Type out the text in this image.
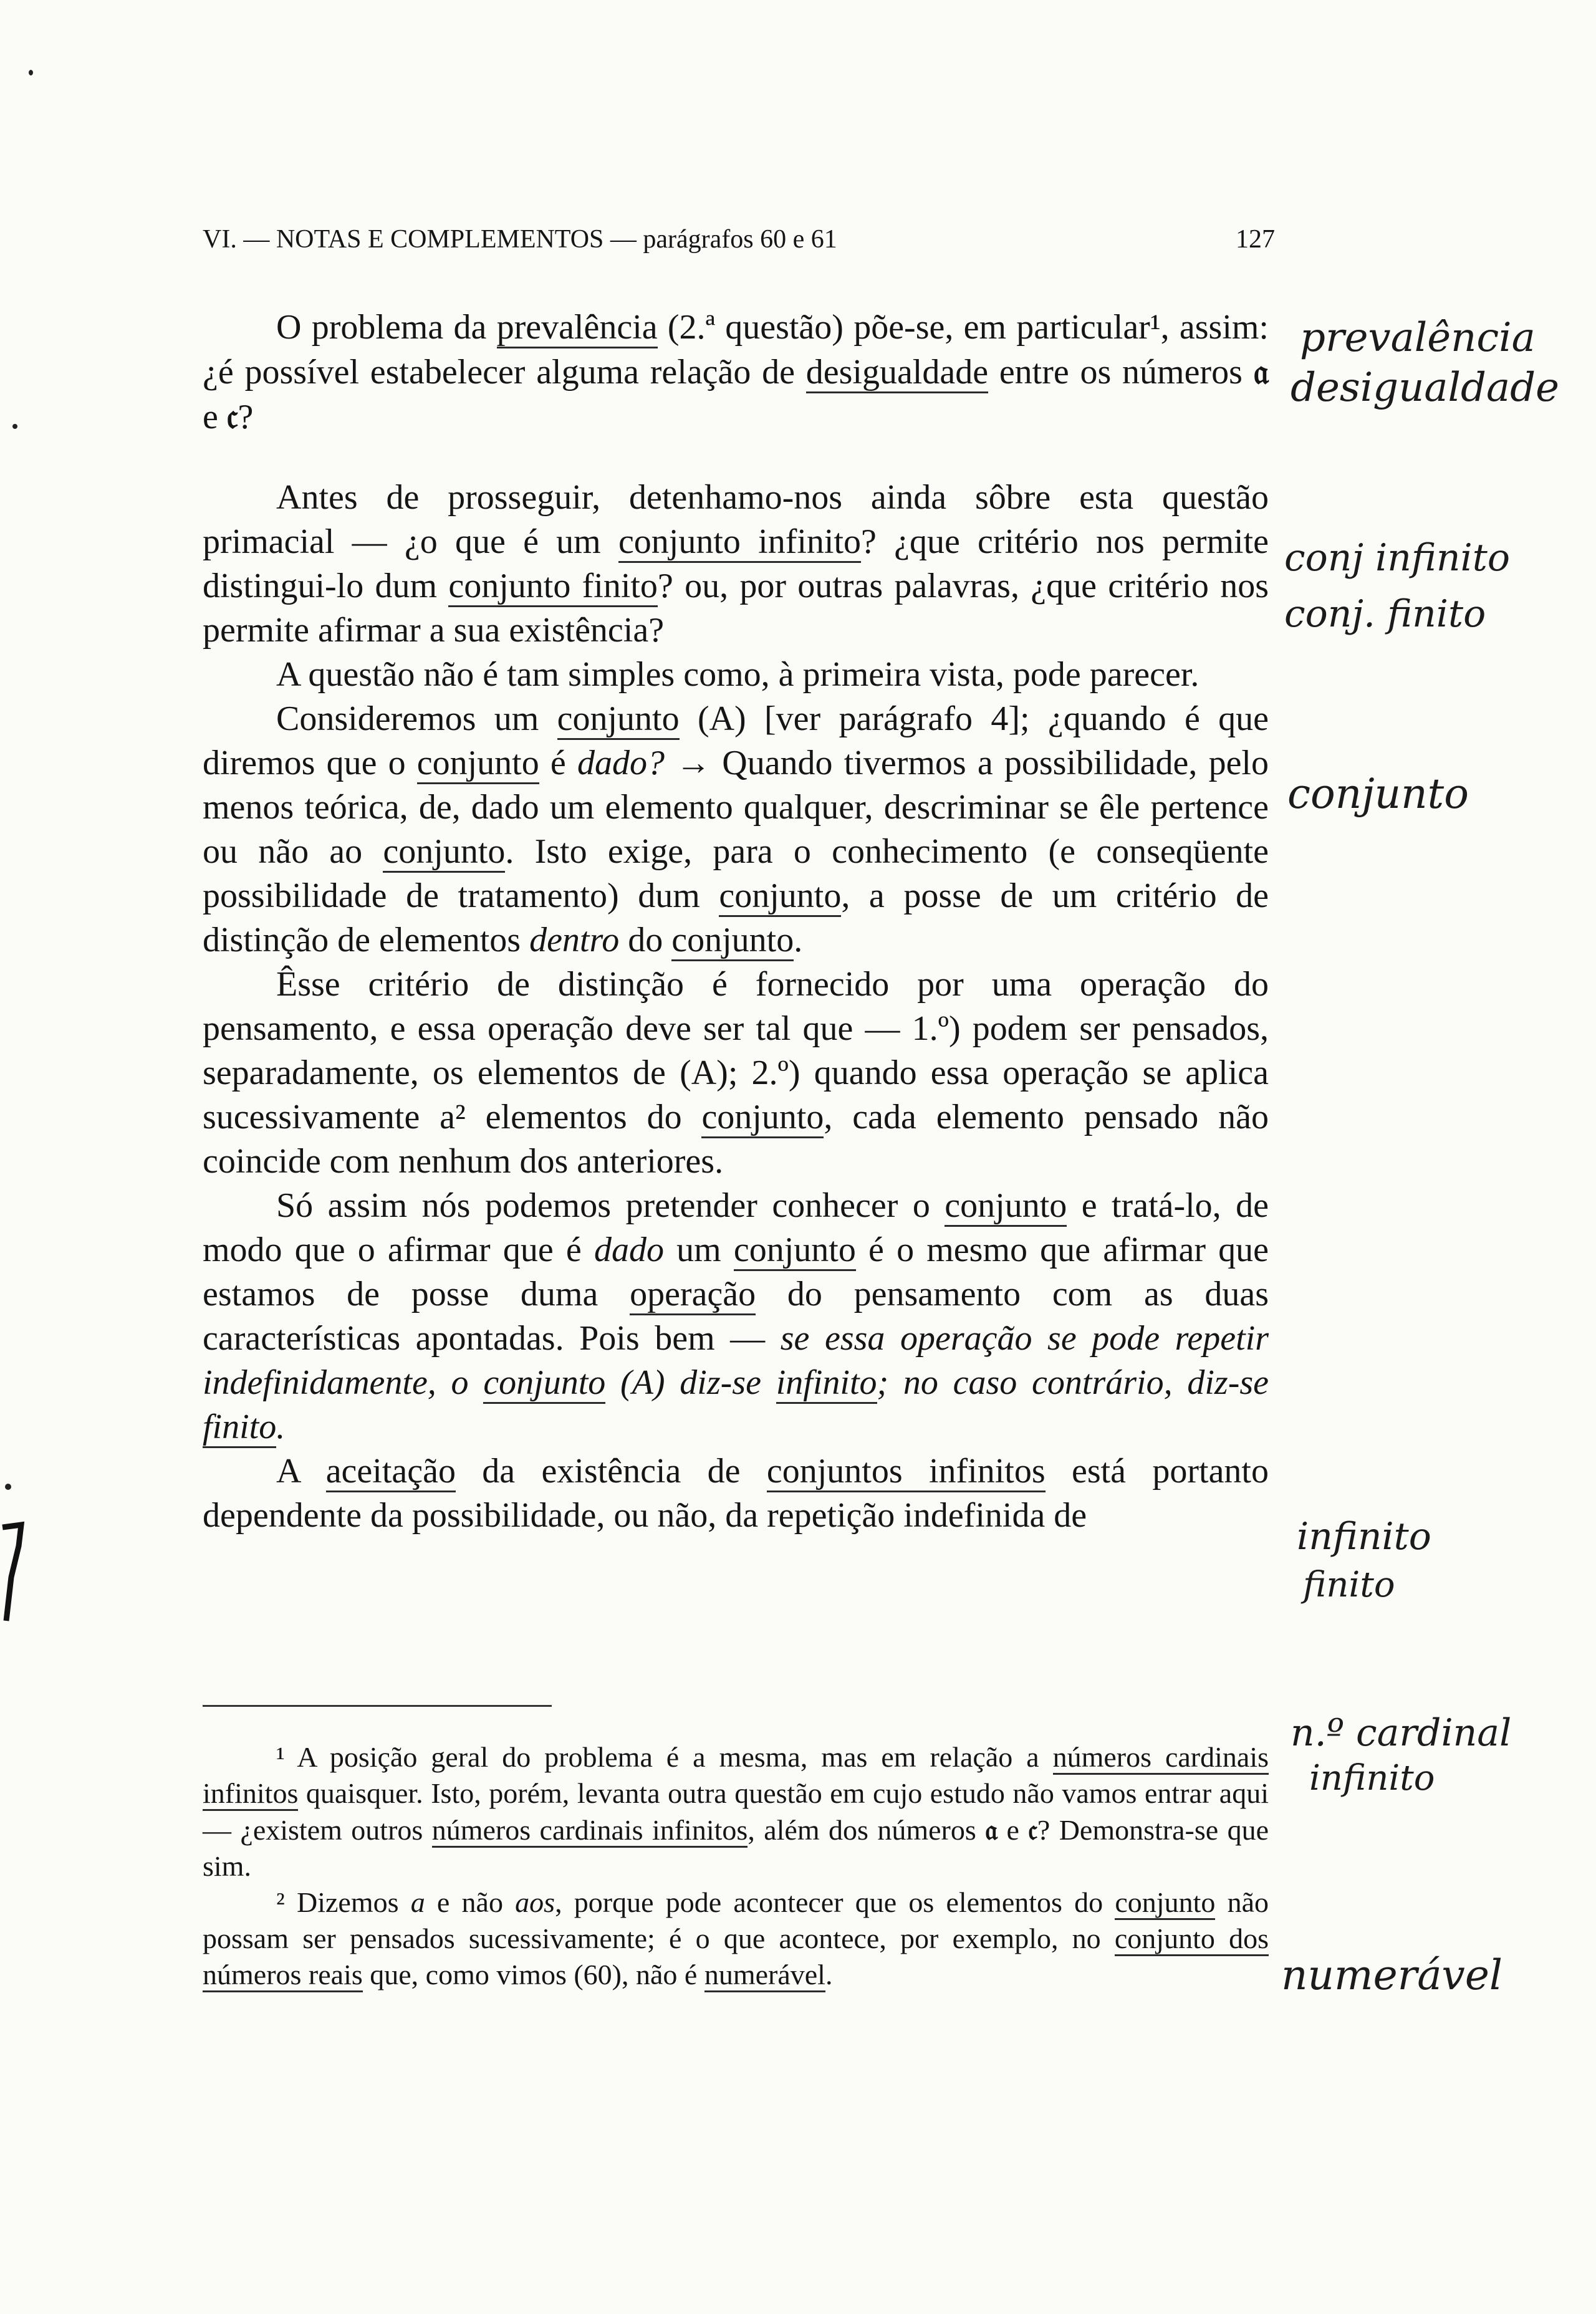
VI. — NOTAS E COMPLEMENTOS — parágrafos 60 e 61	127

O problema da prevalência (2.ª questão) põe-se, em particular¹, assim: ¿é possível estabelecer alguma relação de desigualdade entre os números 𝔞 e 𝔠?

Antes de prosseguir, detenhamo-nos ainda sôbre esta questão primacial — ¿o que é um conjunto infinito? ¿que critério nos permite distingui-lo dum conjunto finito? ou, por outras palavras, ¿que critério nos permite afirmar a sua existência?

A questão não é tam simples como, à primeira vista, pode parecer.

Consideremos um conjunto (A) [ver parágrafo 4]; ¿quando é que diremos que o conjunto é dado? → Quando tivermos a possibilidade, pelo menos teórica, de, dado um elemento qualquer, descriminar se êle pertence ou não ao conjunto. Isto exige, para o conhecimento (e conseqüente possibilidade de tratamento) dum conjunto, a posse de um critério de distinção de elementos dentro do conjunto.

Êsse critério de distinção é fornecido por uma operação do pensamento, e essa operação deve ser tal que — 1.º) podem ser pensados, separadamente, os elementos de (A); 2.º) quando essa operação se aplica sucessivamente a² elementos do conjunto, cada elemento pensado não coincide com nenhum dos anteriores.

Só assim nós podemos pretender conhecer o conjunto e tratá-lo, de modo que o afirmar que é dado um conjunto é o mesmo que afirmar que estamos de posse duma operação do pensamento com as duas características apontadas. Pois bem — se essa operação se pode repetir indefinidamente, o conjunto (A) diz-se infinito; no caso contrário, diz-se finito.

A aceitação da existência de conjuntos infinitos está portanto dependente da possibilidade, ou não, da repetição indefinida de

¹ A posição geral do problema é a mesma, mas em relação a números cardinais infinitos quaisquer. Isto, porém, levanta outra questão em cujo estudo não vamos entrar aqui — ¿existem outros números cardinais infinitos, além dos números 𝔞 e 𝔠? Demonstra-se que sim.

² Dizemos a e não aos, porque pode acontecer que os elementos do conjunto não possam ser pensados sucessivamente; é o que acontece, por exemplo, no conjunto dos números reais que, como vimos (60), não é numerável.

prevalência
desigualdade
conj infinito
conj. finito
conjunto
infinito
finito
n.º cardinal
infinito
numerável
